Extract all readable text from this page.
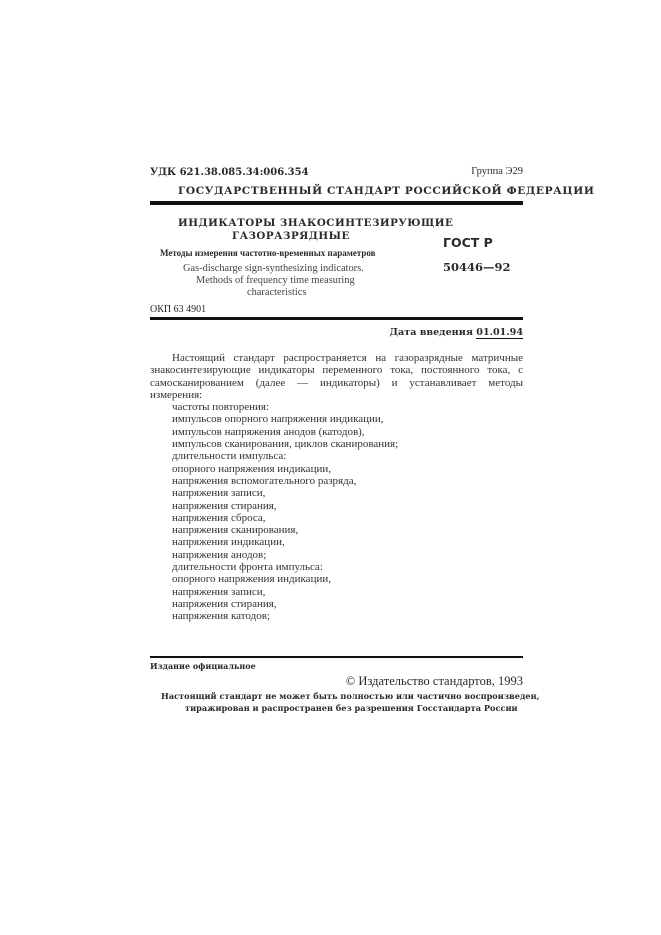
УДК 621.38.085.34:006.354	Группа Э29
ГОСУДАРСТВЕННЫЙ СТАНДАРТ РОССИЙСКОЙ ФЕДЕРАЦИИ
ИНДИКАТОРЫ ЗНАКОСИНТЕЗИРУЮЩИЕ
ГАЗОРАЗРЯДНЫЕ
Методы измерения частотно-временных параметров
Gas-discharge sign-synthesizing indicators.
Methods of frequency time measuring
characteristics
ГОСТ Р
50446—92
ОКП 63 4901
Дата введения 01.01.94

Настоящий стандарт распространяется на газоразрядные матричные знакосинтезирующие индикаторы переменного тока, постоянного тока, с самосканированием (далее — индикаторы) и устанавливает методы измерения:

частоты повторения:
импульсов опорного напряжения индикации,
импульсов напряжения анодов (катодов),
импульсов сканирования, циклов сканирования;
длительности импульса:
опорного напряжения индикации,
напряжения вспомогательного разряда,
напряжения записи,
напряжения стирания,
напряжения сброса,
напряжения сканирования,
напряжения индикации,
напряжения анодов;
длительности фронта импульса:
опорного напряжения индикации,
напряжения записи,
напряжения стирания,
напряжения катодов;
Издание официальное
© Издательство стандартов, 1993
Настоящий стандарт не может быть полностью или частично воспроизведен,
тиражирован и распространен без разрешения Госстандарта России
